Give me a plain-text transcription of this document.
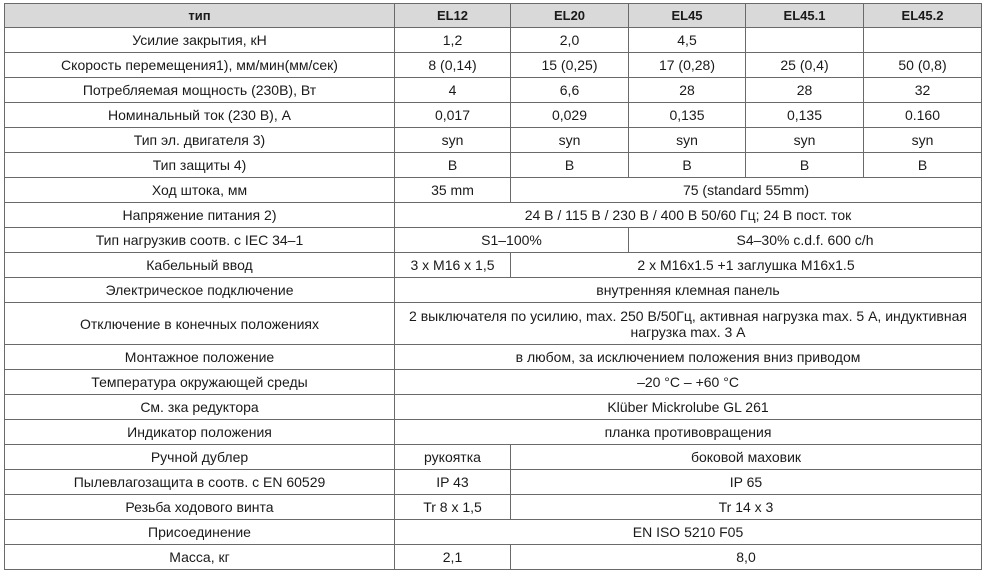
тип	EL12	EL20	EL45	EL45.1	EL45.2
Усилие закрытия, кН	1,2	2,0	4,5		
Скорость перемещения1), мм/мин(мм/сек)	8 (0,14)	15 (0,25)	17 (0,28)	25 (0,4)	50 (0,8)
Потребляемая мощность (230В), Вт	4	6,6	28	28	32
Номинальный ток (230 В), А	0,017	0,029	0,135	0,135	0.160
Тип эл. двигателя 3)	syn	syn	syn	syn	syn
Тип защиты 4)	B	B	B	B	B
Ход штока, мм	35 mm	75 (standard 55mm)			
Напряжение питания 2)	24 В / 115 В / 230 В / 400 В 50/60 Гц; 24 В пост. ток				
Тип нагрузкив соотв. с IEC 34–1	S1–100%		S4–30% c.d.f. 600 c/h		
Кабельный ввод	3 x M16 x 1,5	2 x M16x1.5 +1 заглушка M16x1.5			
Электрическое подключение	внутренняя клемная панель				
Отключение в конечных положениях	2 выключателя по усилию, max. 250 В/50Гц, активная нагрузка max. 5 А, индуктивная нагрузка max. 3 А				
Монтажное положение	в любом, за исключением положения вниз приводом				
Температура окружающей среды	–20 °C – +60 °C				
См. зка редуктора	Klüber Mickrolube GL 261				
Индикатор положения	планка противовращения				
Ручной дублер	рукоятка	боковой маховик			
Пылевлагозащита в соотв. с EN 60529	IP 43	IP 65			
Резьба ходового винта	Tr 8 x 1,5	Tr 14 x 3			
Присоединение	EN ISO 5210 F05				
Масса, кг	2,1	8,0			
